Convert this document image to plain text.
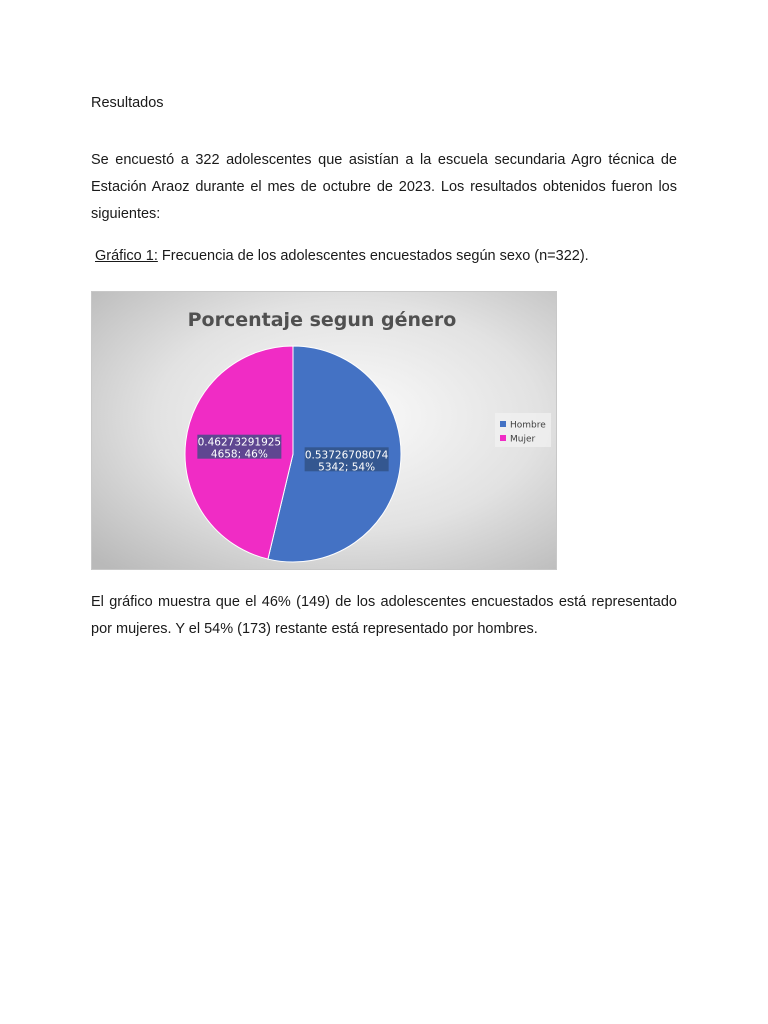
Resultados

Se encuestó a 322 adolescentes que asistían a la escuela secundaria Agro técnica de Estación Araoz durante el mes de octubre de 2023. Los resultados obtenidos fueron los siguientes:

Gráfico 1: Frecuencia de los adolescentes encuestados según sexo (n=322).
Porcentaje segun género
0.53726708074
5342; 54%
0.46273291925
4658; 46%
Hombre
Mujer

El gráfico muestra que el 46% (149) de los adolescentes encuestados está representado por mujeres. Y el 54% (173) restante está representado por hombres.
